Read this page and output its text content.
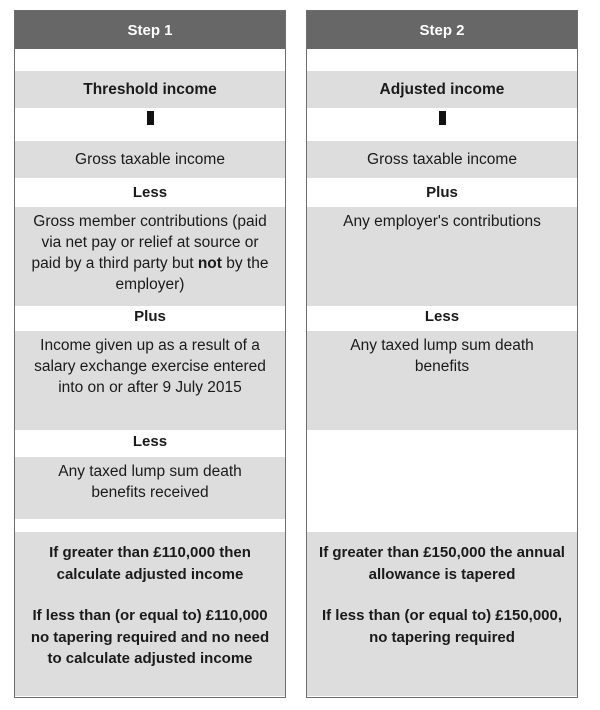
Step 1
Threshold income
Gross taxable income
Less
Gross member contributions (paid via net pay or relief at source or paid by a third party but not by the employer)
Plus
Income given up as a result of a salary exchange exercise entered into on or after 9 July 2015
Less
Any taxed lump sum death benefits received

If greater than £110,000 then calculate adjusted income

If less than (or equal to) £110,000 no tapering required and no need to calculate adjusted income

Step 2
Adjusted income
Gross taxable income
Plus
Any employer's contributions
Less
Any taxed lump sum death benefits

If greater than £150,000 the annual allowance is tapered

If less than (or equal to) £150,000, no tapering required
